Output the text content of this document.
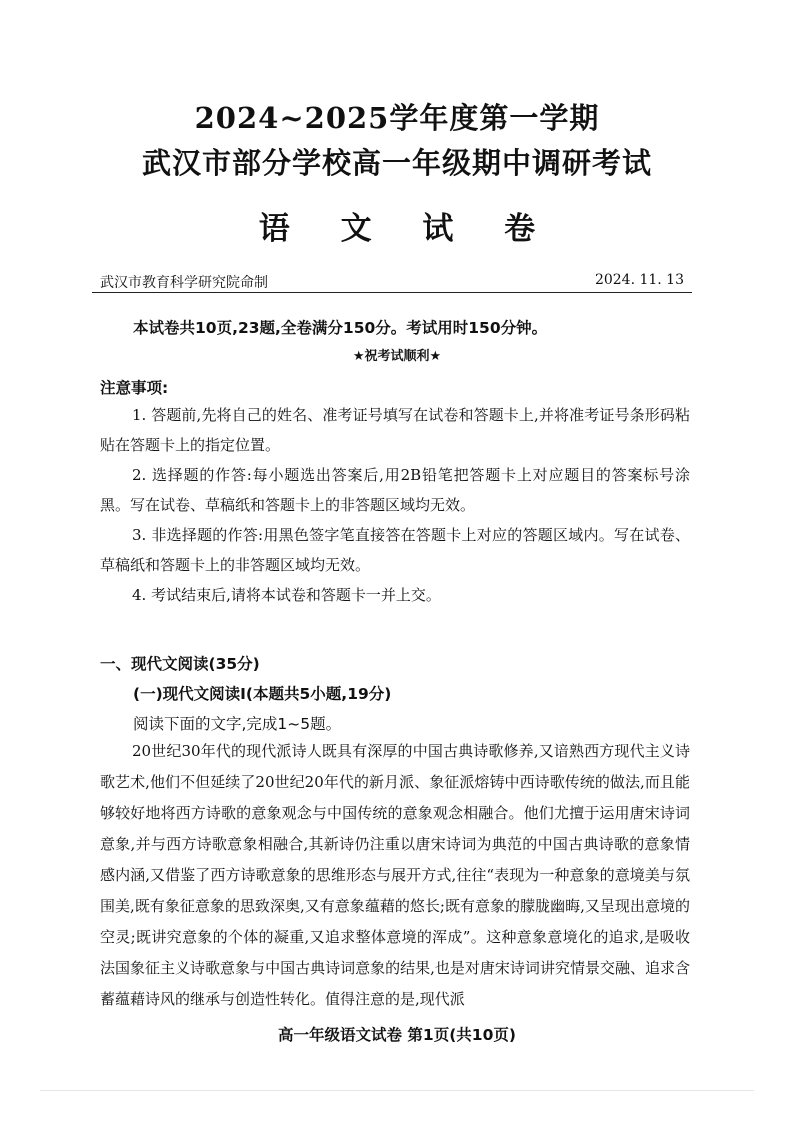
2024~2025学年度第一学期
武汉市部分学校高一年级期中调研考试
语 文 试 卷
武汉市教育科学研究院命制	2024. 11. 13
本试卷共10页,23题,全卷满分150分。考试用时150分钟。
★祝考试顺利★
注意事项:
1. 答题前,先将自己的姓名、准考证号填写在试卷和答题卡上,并将准考证号条形码粘贴在答题卡上的指定位置。
2. 选择题的作答:每小题选出答案后,用2B铅笔把答题卡上对应题目的答案标号涂黑。写在试卷、草稿纸和答题卡上的非答题区域均无效。
3. 非选择题的作答:用黑色签字笔直接答在答题卡上对应的答题区域内。写在试卷、草稿纸和答题卡上的非答题区域均无效。
4. 考试结束后,请将本试卷和答题卡一并上交。
一、现代文阅读(35分)
(一)现代文阅读Ⅰ(本题共5小题,19分)
阅读下面的文字,完成1~5题。
20世纪30年代的现代派诗人既具有深厚的中国古典诗歌修养,又谙熟西方现代主义诗歌艺术,他们不但延续了20世纪20年代的新月派、象征派熔铸中西诗歌传统的做法,而且能够较好地将西方诗歌的意象观念与中国传统的意象观念相融合。他们尤擅于运用唐宋诗词意象,并与西方诗歌意象相融合,其新诗仍注重以唐宋诗词为典范的中国古典诗歌的意象情感内涵,又借鉴了西方诗歌意象的思维形态与展开方式,往往“表现为一种意象的意境美与氛围美,既有象征意象的思致深奥,又有意象蕴藉的悠长;既有意象的朦胧幽晦,又呈现出意境的空灵;既讲究意象的个体的凝重,又追求整体意境的浑成”。这种意象意境化的追求,是吸收法国象征主义诗歌意象与中国古典诗词意象的结果,也是对唐宋诗词讲究情景交融、追求含蓄蕴藉诗风的继承与创造性转化。值得注意的是,现代派
高一年级语文试卷 第1页(共10页)
